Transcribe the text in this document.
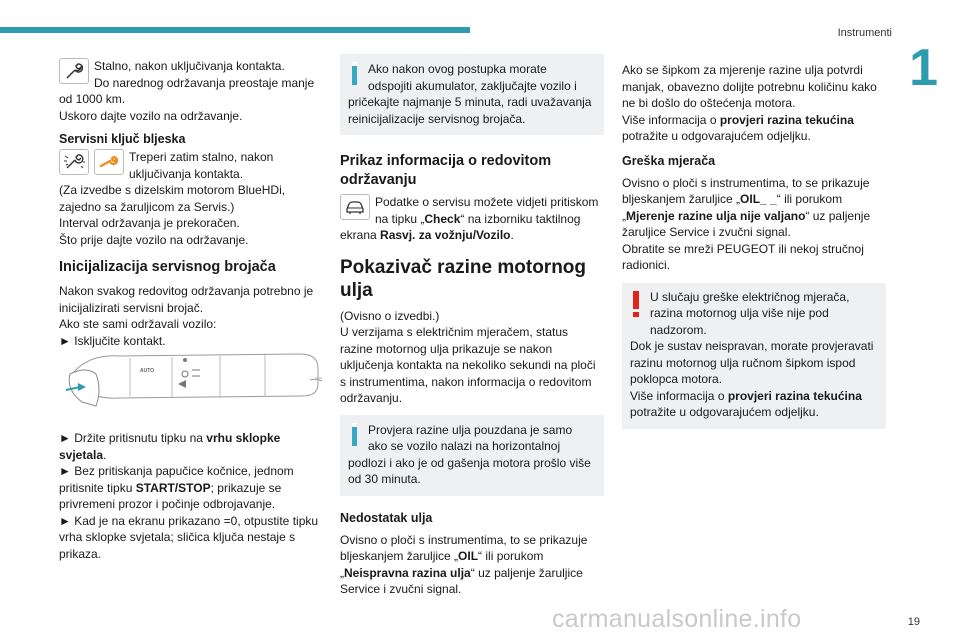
Instrumenti
1

Stalno, nakon uključivanja kontakta.

Do narednog održavanja preostaje manje od 1000 km.

Uskoro dajte vozilo na održavanje.

Servisni ključ bljeska

Treperi zatim stalno, nakon uključivanja kontakta.

(Za izvedbe s dizelskim motorom BlueHDi, zajedno sa žaruljicom za Servis.)

Interval održavanja je prekoračen.

Što prije dajte vozilo na održavanje.

Inicijalizacija servisnog brojača

Nakon svakog redovitog održavanja potrebno je inicijalizirati servisni brojač.

Ako ste sami održavali vozilo:

► Isključite kontakt.

AUTO

► Držite pritisnutu tipku na vrhu sklopke svjetala.

► Bez pritiskanja papučice kočnice, jednom pritisnite tipku START/STOP; prikazuje se privremeni prozor i počinje odbrojavanje.

► Kad je na ekranu prikazano =0, otpustite tipku vrha sklopke svjetala; sličica ključa nestaje s prikaza.

Ako nakon ovog postupka morate odspojiti akumulator, zaključajte vozilo i pričekajte najmanje 5 minuta, radi uvažavanja reinicijalizacije servisnog brojača.

Prikaz informacija o redovitom održavanju

Podatke o servisu možete vidjeti pritiskom na tipku „Check“ na izborniku taktilnog ekrana Rasvj. za vožnju/Vozilo.

Pokazivač razine motornog ulja

(Ovisno o izvedbi.)

U verzijama s električnim mjeračem, status razine motornog ulja prikazuje se nakon uključenja kontakta na nekoliko sekundi na ploči s instrumentima, nakon informacija o redovitom održavanju.

Provjera razine ulja pouzdana je samo ako se vozilo nalazi na horizontalnoj podlozi i ako je od gašenja motora prošlo više od 30 minuta.

Nedostatak ulja

Ovisno o ploči s instrumentima, to se prikazuje bljeskanjem žaruljice „OIL“ ili porukom „Neispravna razina ulja“ uz paljenje žaruljice Service i zvučni signal.

Ako se šipkom za mjerenje razine ulja potvrdi manjak, obavezno dolijte potrebnu količinu kako ne bi došlo do oštećenja motora.

Više informacija o provjeri razina tekućina potražite u odgovarajućem odjeljku.

Greška mjerača

Ovisno o ploči s instrumentima, to se prikazuje bljeskanjem žaruljice „OIL_ _“ ili porukom „Mjerenje razine ulja nije valjano“ uz paljenje žaruljice Service i zvučni signal.

Obratite se mreži PEUGEOT ili nekoj stručnoj radionici.

U slučaju greške električnog mjerača, razina motornog ulja više nije pod nadzorom.

Dok je sustav neispravan, morate provjeravati razinu motornog ulja ručnom šipkom ispod poklopca motora.

Više informacija o provjeri razina tekućina potražite u odgovarajućem odjeljku.

carmanualsonline.info	19
